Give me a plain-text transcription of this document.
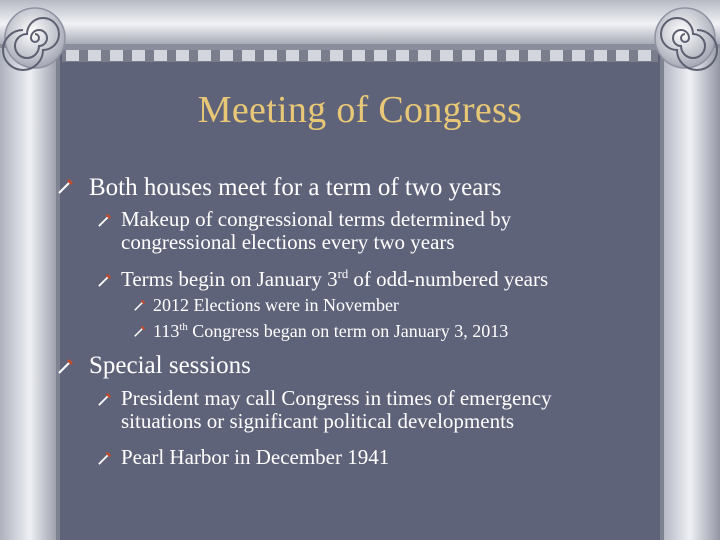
Meeting of Congress
Both houses meet for a term of two years
Makeup of congressional terms determined by
congressional elections every two years
Terms begin on January 3rd of odd-numbered years
2012 Elections were in November
113th Congress began on term on January 3, 2013
Special sessions
President may call Congress in times of emergency
situations or significant political developments
Pearl Harbor in December 1941
